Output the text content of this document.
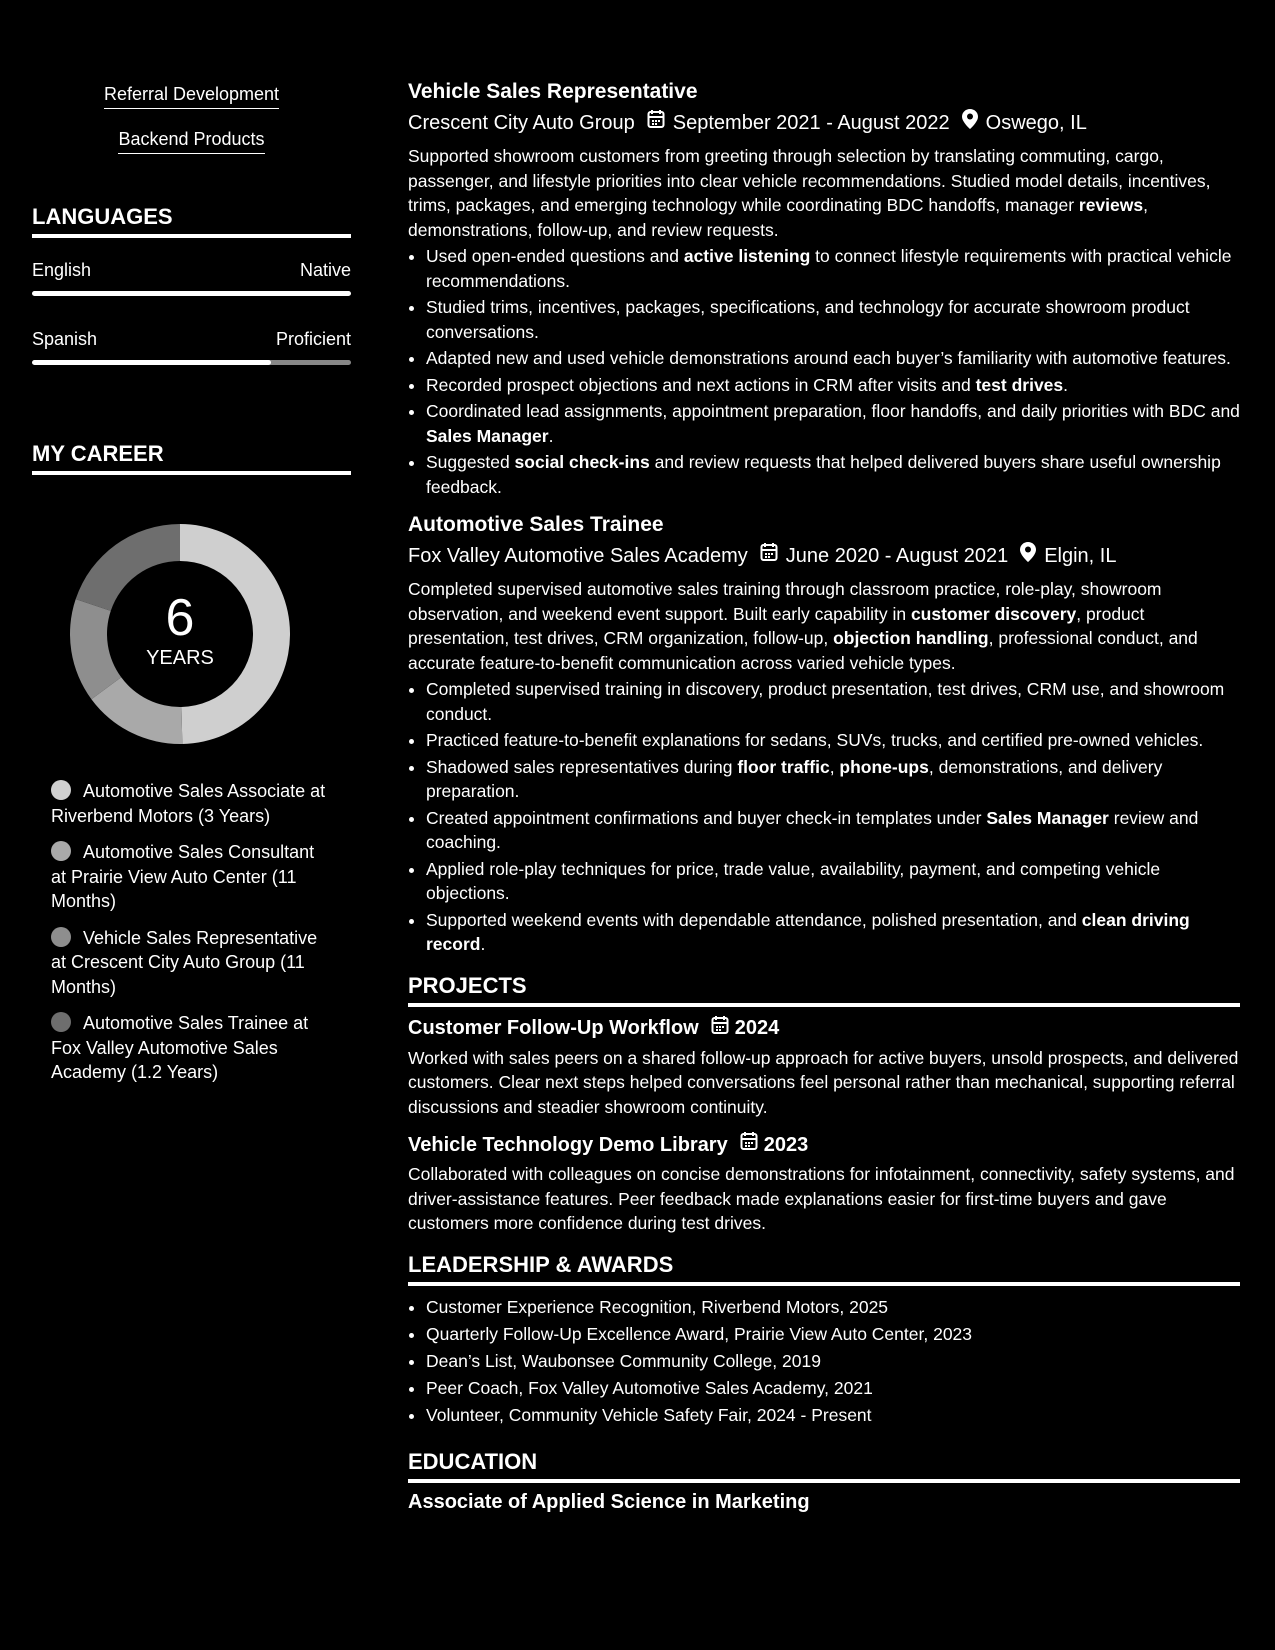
Referral Development
Backend Products
LANGUAGES
English	Native
Spanish	Proficient
MY CAREER
6
YEARS
Automotive Sales Associate at Riverbend Motors (3 Years)
Automotive Sales Consultant at Prairie View Auto Center (11 Months)
Vehicle Sales Representative at Crescent City Auto Group (11 Months)
Automotive Sales Trainee at Fox Valley Automotive Sales Academy (1.2 Years)
Vehicle Sales Representative
Crescent City Auto Group September 2021 - August 2022 Oswego, IL

Supported showroom customers from greeting through selection by translating commuting, cargo, passenger, and lifestyle priorities into clear vehicle recommendations. Studied model details, incentives, trims, packages, and emerging technology while coordinating BDC handoffs, manager reviews, demonstrations, follow-up, and review requests.

• Used open-ended questions and active listening to connect lifestyle requirements with practical vehicle recommendations.
• Studied trims, incentives, packages, specifications, and technology for accurate showroom product conversations.
• Adapted new and used vehicle demonstrations around each buyer’s familiarity with automotive features.
• Recorded prospect objections and next actions in CRM after visits and test drives.
• Coordinated lead assignments, appointment preparation, floor handoffs, and daily priorities with BDC and Sales Manager.
• Suggested social check-ins and review requests that helped delivered buyers share useful ownership feedback.
Automotive Sales Trainee
Fox Valley Automotive Sales Academy June 2020 - August 2021 Elgin, IL

Completed supervised automotive sales training through classroom practice, role-play, showroom observation, and weekend event support. Built early capability in customer discovery, product presentation, test drives, CRM organization, follow-up, objection handling, professional conduct, and accurate feature-to-benefit communication across varied vehicle types.

• Completed supervised training in discovery, product presentation, test drives, CRM use, and showroom conduct.
• Practiced feature-to-benefit explanations for sedans, SUVs, trucks, and certified pre-owned vehicles.
• Shadowed sales representatives during floor traffic, phone-ups, demonstrations, and delivery preparation.
• Created appointment confirmations and buyer check-in templates under Sales Manager review and coaching.
• Applied role-play techniques for price, trade value, availability, payment, and competing vehicle objections.
• Supported weekend events with dependable attendance, polished presentation, and clean driving record.
PROJECTS
Customer Follow-Up Workflow 2024

Worked with sales peers on a shared follow-up approach for active buyers, unsold prospects, and delivered customers. Clear next steps helped conversations feel personal rather than mechanical, supporting referral discussions and steadier showroom continuity.

Vehicle Technology Demo Library 2023

Collaborated with colleagues on concise demonstrations for infotainment, connectivity, safety systems, and driver-assistance features. Peer feedback made explanations easier for first-time buyers and gave customers more confidence during test drives.

LEADERSHIP & AWARDS
• Customer Experience Recognition, Riverbend Motors, 2025
• Quarterly Follow-Up Excellence Award, Prairie View Auto Center, 2023
• Dean’s List, Waubonsee Community College, 2019
• Peer Coach, Fox Valley Automotive Sales Academy, 2021
• Volunteer, Community Vehicle Safety Fair, 2024 - Present
EDUCATION
Associate of Applied Science in Marketing
